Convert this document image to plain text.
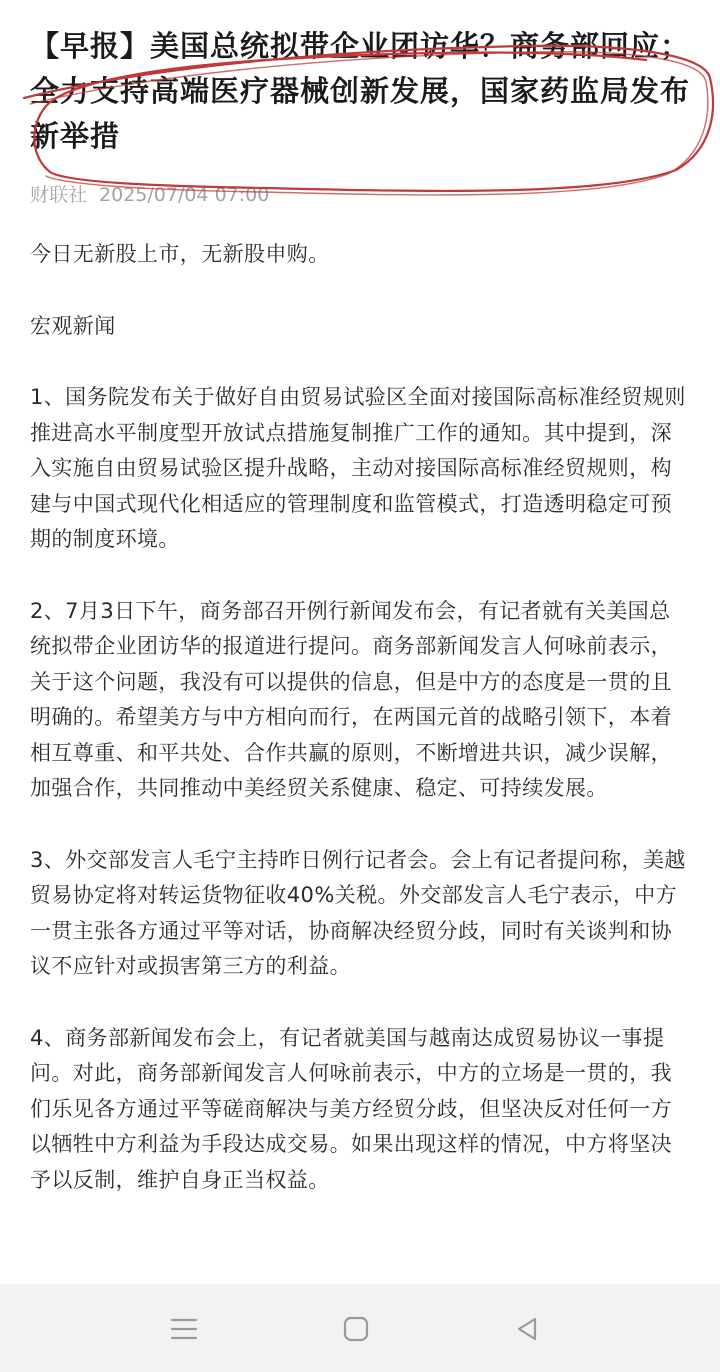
【早报】美国总统拟带企业团访华？商务部回应；全力支持高端医疗器械创新发展，国家药监局发布新举措
财联社 2025/07/04 07:00

今日无新股上市，无新股申购。

宏观新闻

1、国务院发布关于做好自由贸易试验区全面对接国际高标准经贸规则推进高水平制度型开放试点措施复制推广工作的通知。其中提到，深入实施自由贸易试验区提升战略，主动对接国际高标准经贸规则，构建与中国式现代化相适应的管理制度和监管模式，打造透明稳定可预期的制度环境。

2、7月3日下午，商务部召开例行新闻发布会，有记者就有关美国总统拟带企业团访华的报道进行提问。商务部新闻发言人何咏前表示，关于这个问题，我没有可以提供的信息，但是中方的态度是一贯的且明确的。希望美方与中方相向而行，在两国元首的战略引领下，本着相互尊重、和平共处、合作共赢的原则，不断增进共识，减少误解，加强合作，共同推动中美经贸关系健康、稳定、可持续发展。

3、外交部发言人毛宁主持昨日例行记者会。会上有记者提问称，美越贸易协定将对转运货物征收40%关税。外交部发言人毛宁表示，中方一贯主张各方通过平等对话，协商解决经贸分歧，同时有关谈判和协议不应针对或损害第三方的利益。

4、商务部新闻发布会上，有记者就美国与越南达成贸易协议一事提问。对此，商务部新闻发言人何咏前表示，中方的立场是一贯的，我们乐见各方通过平等磋商解决与美方经贸分歧，但坚决反对任何一方以牺牲中方利益为手段达成交易。如果出现这样的情况，中方将坚决予以反制，维护自身正当权益。
